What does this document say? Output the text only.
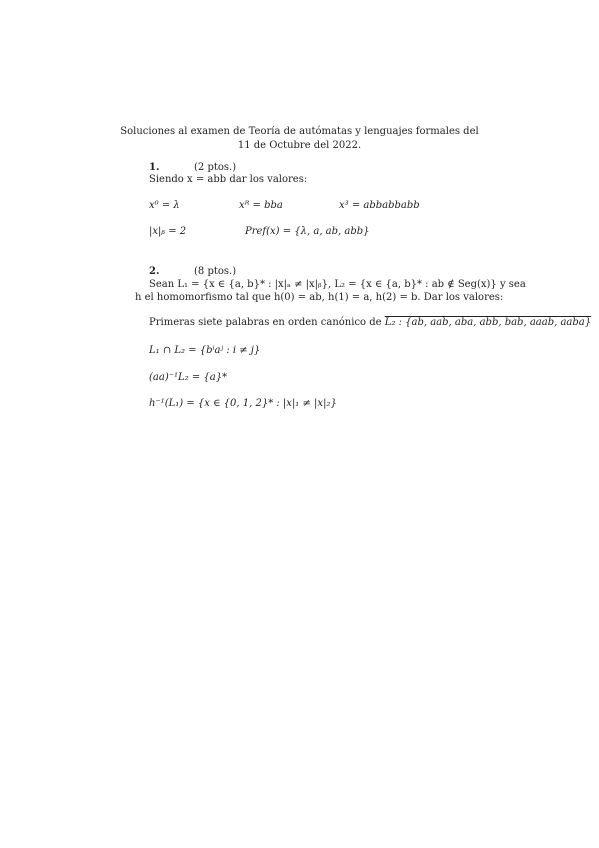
Soluciones al examen de Teoría de autómatas y lenguajes formales del
11 de Octubre del 2022.
1.	(2 ptos.)
Siendo x = abb dar los valores:
x⁰ = λ	xᴿ = bba	x³ = abbabbabb
|x|ᵦ = 2	Pref(x) = {λ, a, ab, abb}
2.	(8 ptos.)
Sean L₁ = {x ∈ {a, b}* : |x|ₐ ≠ |x|ᵦ}, L₂ = {x ∈ {a, b}* : ab ∉ Seg(x)} y sea
h el homomorfismo tal que h(0) = ab, h(1) = a, h(2) = b. Dar los valores:
Primeras siete palabras en orden canónico de L₂ : {ab, aab, aba, abb, bab, aaab, aaba}
L₁ ∩ L₂ = {bⁱaʲ : i ≠ j}
(aa)⁻¹L₂ = {a}*
h⁻¹(L₁) = {x ∈ {0, 1, 2}* : |x|₁ ≠ |x|₂}
